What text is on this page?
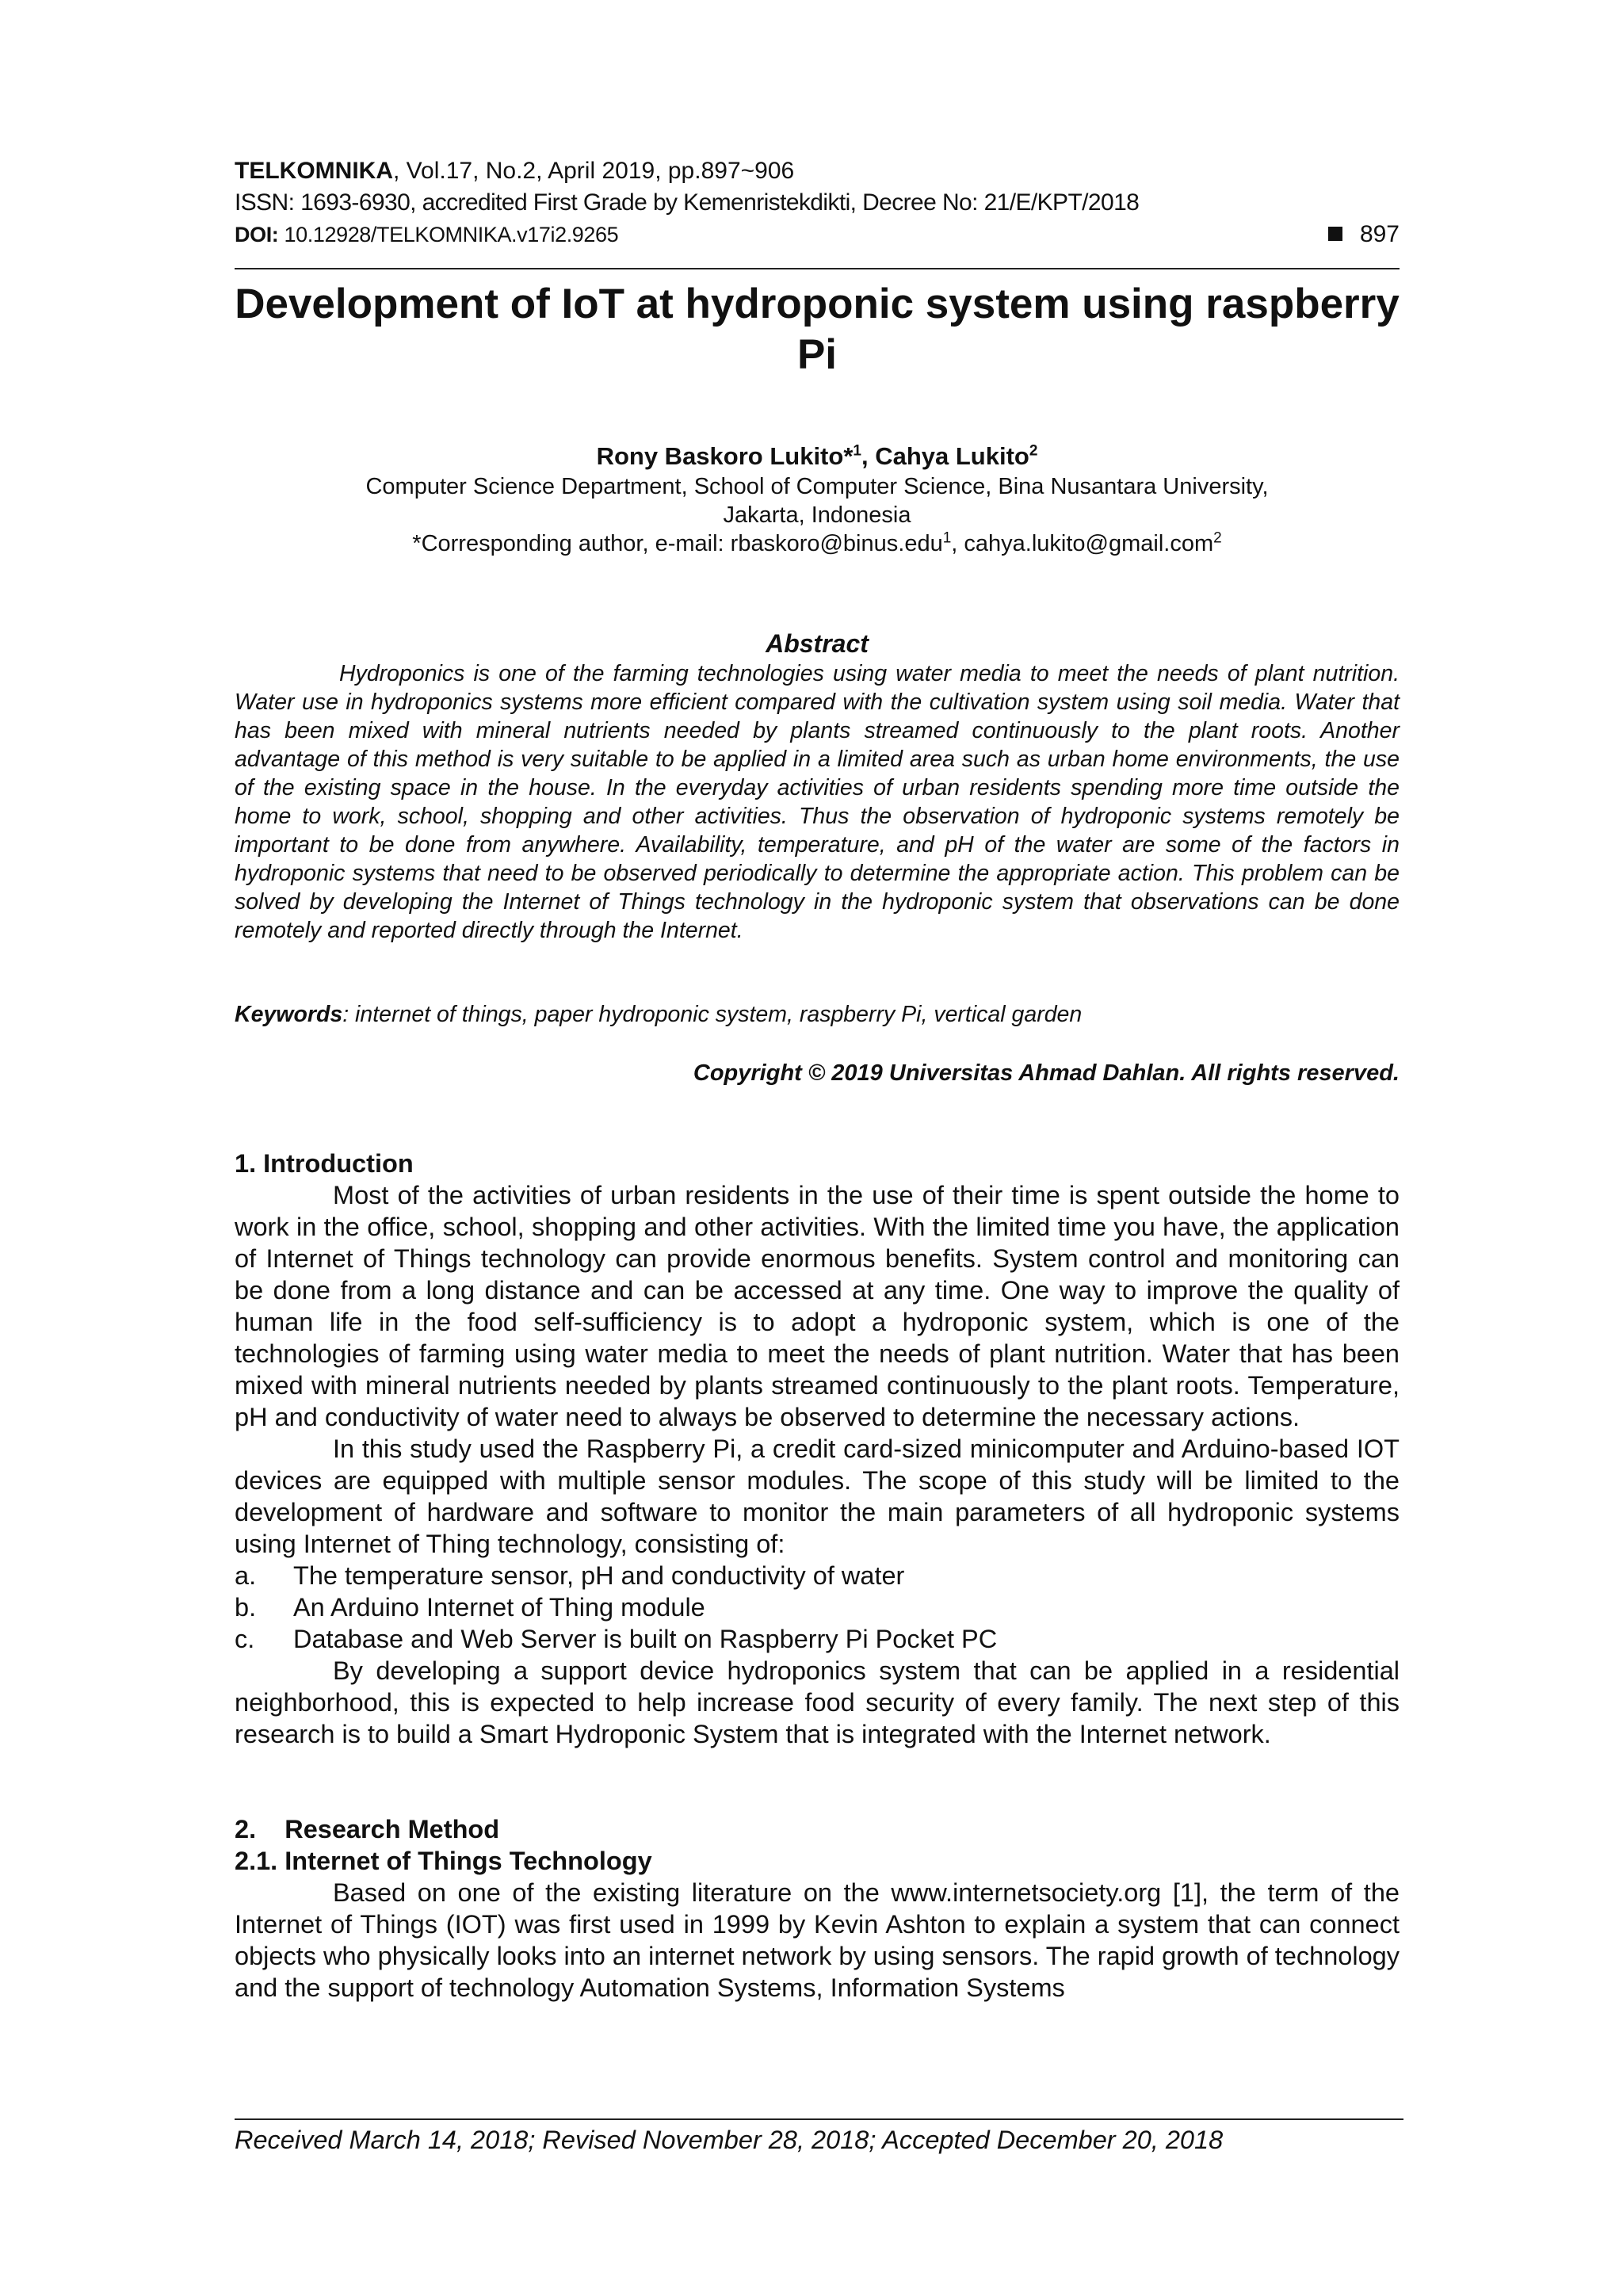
TELKOMNIKA, Vol.17, No.2, April 2019, pp.897~906
ISSN: 1693-6930, accredited First Grade by Kemenristekdikti, Decree No: 21/E/KPT/2018
DOI: 10.12928/TELKOMNIKA.v17i2.9265	897
Development of IoT at hydroponic system using raspberry Pi
Rony Baskoro Lukito*$^1$, Cahya Lukito$^2$
Computer Science Department, School of Computer Science, Bina Nusantara University,
Jakarta, Indonesia
*Corresponding author, e-mail: rbaskoro@binus.edu$^1$, cahya.lukito@gmail.com$^2$
Abstract

Hydroponics is one of the farming technologies using water media to meet the needs of plant nutrition. Water use in hydroponics systems more efficient compared with the cultivation system using soil media. Water that has been mixed with mineral nutrients needed by plants streamed continuously to the plant roots. Another advantage of this method is very suitable to be applied in a limited area such as urban home environments, the use of the existing space in the house. In the everyday activities of urban residents spending more time outside the home to work, school, shopping and other activities. Thus the observation of hydroponic systems remotely be important to be done from anywhere. Availability, temperature, and pH of the water are some of the factors in hydroponic systems that need to be observed periodically to determine the appropriate action. This problem can be solved by developing the Internet of Things technology in the hydroponic system that observations can be done remotely and reported directly through the Internet.

Keywords: internet of things, paper hydroponic system, raspberry Pi, vertical garden
Copyright © 2019 Universitas Ahmad Dahlan. All rights reserved.
1. Introduction

Most of the activities of urban residents in the use of their time is spent outside the home to work in the office, school, shopping and other activities. With the limited time you have, the application of Internet of Things technology can provide enormous benefits. System control and monitoring can be done from a long distance and can be accessed at any time. One way to improve the quality of human life in the food self-sufficiency is to adopt a hydroponic system, which is one of the technologies of farming using water media to meet the needs of plant nutrition. Water that has been mixed with mineral nutrients needed by plants streamed continuously to the plant roots. Temperature, pH and conductivity of water need to always be observed to determine the necessary actions.

In this study used the Raspberry Pi, a credit card-sized minicomputer and Arduino-based IOT devices are equipped with multiple sensor modules. The scope of this study will be limited to the development of hardware and software to monitor the main parameters of all hydroponic systems using Internet of Thing technology, consisting of:

a.	The temperature sensor, pH and conductivity of water
b.	An Arduino Internet of Thing module
c.	Database and Web Server is built on Raspberry Pi Pocket PC

By developing a support device hydroponics system that can be applied in a residential neighborhood, this is expected to help increase food security of every family. The next step of this research is to build a Smart Hydroponic System that is integrated with the Internet network.

2.    Research Method
2.1. Internet of Things Technology

Based on one of the existing literature on the www.internetsociety.org [1], the term of the Internet of Things (IOT) was first used in 1999 by Kevin Ashton to explain a system that can connect objects who physically looks into an internet network by using sensors. The rapid growth of technology and the support of technology Automation Systems, Information Systems

Received March 14, 2018; Revised November 28, 2018; Accepted December 20, 2018
